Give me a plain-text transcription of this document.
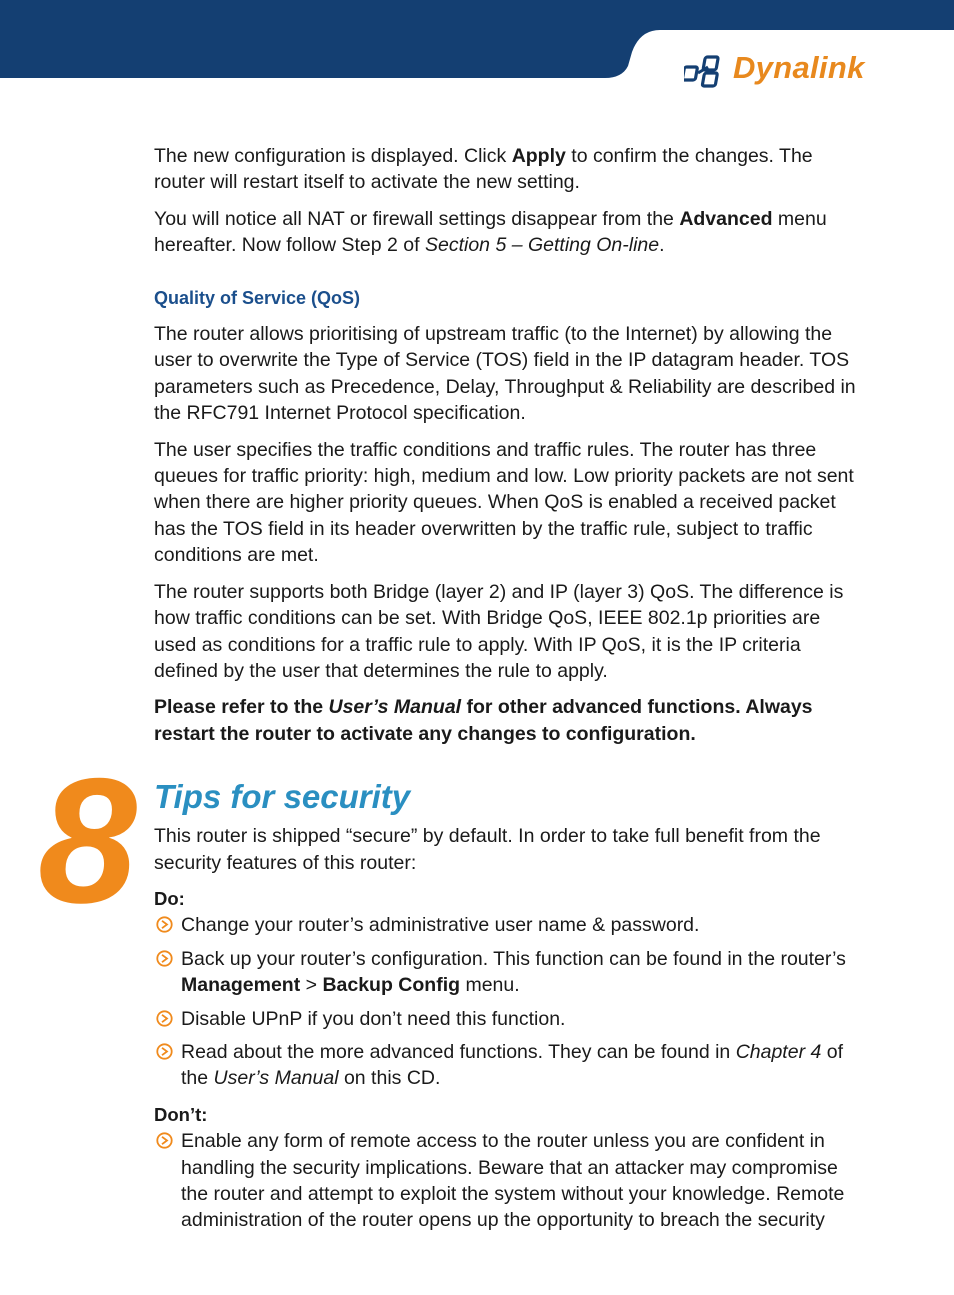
Dynalink
8

The new configuration is displayed. Click Apply to confirm the changes. The router will restart itself to activate the new setting.

You will notice all NAT or firewall settings disappear from the Advanced menu hereafter. Now follow Step 2 of Section 5 – Getting On-line.

Quality of Service (QoS)

The router allows prioritising of upstream traffic (to the Internet) by allowing the user to overwrite the Type of Service (TOS) field in the IP datagram header. TOS parameters such as Precedence, Delay, Throughput & Reliability are described in the RFC791 Internet Protocol specification.

The user specifies the traffic conditions and traffic rules. The router has three queues for traffic priority: high, medium and low. Low priority packets are not sent when there are higher priority queues. When QoS is enabled a received packet has the TOS field in its header overwritten by the traffic rule, subject to traffic conditions are met.

The router supports both Bridge (layer 2) and IP (layer 3) QoS. The difference is how traffic conditions can be set. With Bridge QoS, IEEE 802.1p priorities are used as conditions for a traffic rule to apply. With IP QoS, it is the IP criteria defined by the user that determines the rule to apply.

Please refer to the User’s Manual for other advanced functions. Always restart the router to activate any changes to configuration.

Tips for security

This router is shipped “secure” by default. In order to take full benefit from the security features of this router:

Do:
Change your router’s administrative user name & password.
Back up your router’s configuration. This function can be found in the router’s Management > Backup Config menu.
Disable UPnP if you don’t need this function.
Read about the more advanced functions. They can be found in Chapter 4 of the User’s Manual on this CD.
Don’t:
Enable any form of remote access to the router unless you are confident in handling the security implications. Beware that an attacker may compromise the router and attempt to exploit the system without your knowledge. Remote administration of the router opens up the opportunity to breach the security
